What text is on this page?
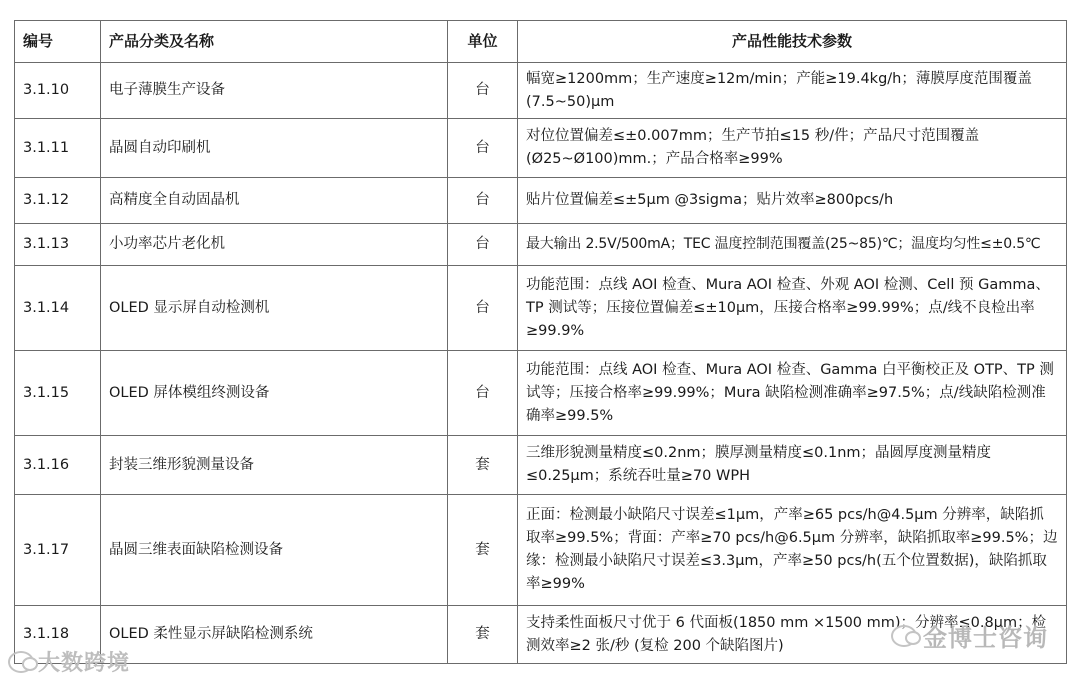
编号	产品分类及名称	单位	产品性能技术参数
3.1.10	电子薄膜生产设备	台	幅宽≥1200mm；生产速度≥12m/min；产能≥19.4kg/h；薄膜厚度范围覆盖(7.5~50)μm
3.1.11	晶圆自动印刷机	台	对位位置偏差≤±0.007mm；生产节拍≤15 秒/件；产品尺寸范围覆盖(Ø25~Ø100)mm.；产品合格率≥99%
3.1.12	高精度全自动固晶机	台	贴片位置偏差≤±5μm @3sigma；贴片效率≥800pcs/h
3.1.13	小功率芯片老化机	台	最大输出 2.5V/500mA；TEC 温度控制范围覆盖(25~85)℃；温度均匀性≤±0.5℃
3.1.14	OLED 显示屏自动检测机	台	功能范围：点线 AOI 检查、Mura AOI 检查、外观 AOI 检测、Cell 预 Gamma、TP 测试等；压接位置偏差≤±10μm，压接合格率≥99.99%；点/线不良检出率≥99.9%
3.1.15	OLED 屏体模组终测设备	台	功能范围：点线 AOI 检查、Mura AOI 检查、Gamma 白平衡校正及 OTP、TP 测试等；压接合格率≥99.99%；Mura 缺陷检测准确率≥97.5%；点/线缺陷检测准确率≥99.5%
3.1.16	封装三维形貌测量设备	套	三维形貌测量精度≤0.2nm；膜厚测量精度≤0.1nm；晶圆厚度测量精度≤0.25μm；系统吞吐量≥70 WPH
3.1.17	晶圆三维表面缺陷检测设备	套	正面：检测最小缺陷尺寸误差≤1μm，产率≥65 pcs/h@4.5μm 分辨率，缺陷抓取率≥99.5%；背面：产率≥70 pcs/h@6.5μm 分辨率，缺陷抓取率≥99.5%；边缘：检测最小缺陷尺寸误差≤3.3μm，产率≥50 pcs/h(五个位置数据)，缺陷抓取率≥99%
3.1.18	OLED 柔性显示屏缺陷检测系统	套	支持柔性面板尺寸优于 6 代面板(1850 mm ×1500 mm)；分辨率≤0.8μm；检测效率≥2 张/秒 (复检 200 个缺陷图片)
大数跨境
金博士咨询
